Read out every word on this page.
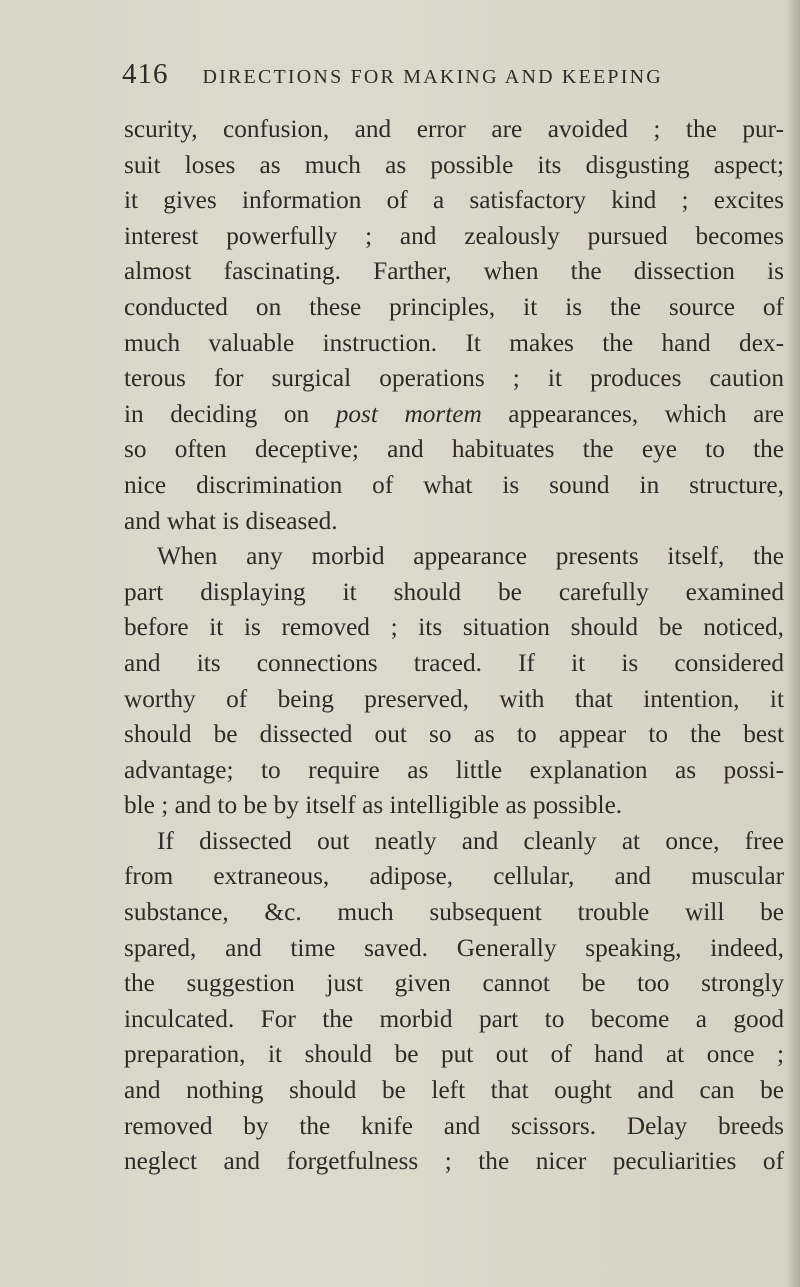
416 DIRECTIONS FOR MAKING AND KEEPING
scurity, confusion, and error are avoided ; the pur-
suit loses as much as possible its disgusting aspect;
it gives information of a satisfactory kind ; excites
interest powerfully ; and zealously pursued becomes
almost fascinating. Farther, when the dissection is
conducted on these principles, it is the source of
much valuable instruction. It makes the hand dex-
terous for surgical operations ; it produces caution
in deciding on post mortem appearances, which are
so often deceptive; and habituates the eye to the
nice discrimination of what is sound in structure,
and what is diseased.
When any morbid appearance presents itself, the
part displaying it should be carefully examined
before it is removed ; its situation should be noticed,
and its connections traced. If it is considered
worthy of being preserved, with that intention, it
should be dissected out so as to appear to the best
advantage; to require as little explanation as possi-
ble ; and to be by itself as intelligible as possible.
If dissected out neatly and cleanly at once, free
from extraneous, adipose, cellular, and muscular
substance, &c. much subsequent trouble will be
spared, and time saved. Generally speaking, indeed,
the suggestion just given cannot be too strongly
inculcated. For the morbid part to become a good
preparation, it should be put out of hand at once ;
and nothing should be left that ought and can be
removed by the knife and scissors. Delay breeds
neglect and forgetfulness ; the nicer peculiarities of
